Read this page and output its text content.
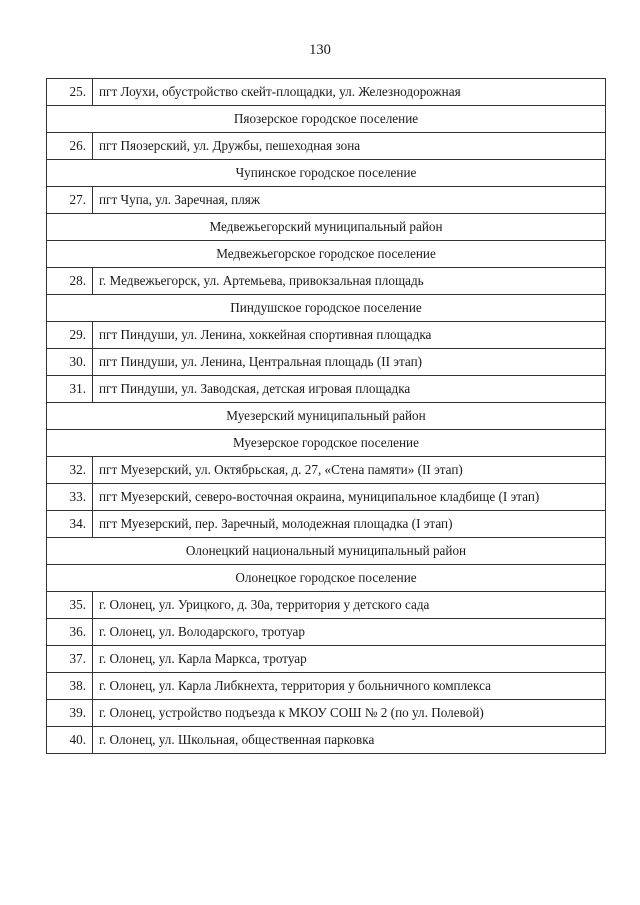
130
25.	пгт Лоухи, обустройство скейт-площадки, ул. Железнодорожная
Пяозерское городское поселение	
26.	пгт Пяозерский, ул. Дружбы, пешеходная зона
Чупинское городское поселение	
27.	пгт Чупа, ул. Заречная, пляж
Медвежьегорский муниципальный район	
Медвежьегорское городское поселение	
28.	г. Медвежьегорск, ул. Артемьева, привокзальная площадь
Пиндушское городское поселение	
29.	пгт Пиндуши, ул. Ленина, хоккейная спортивная площадка
30.	пгт Пиндуши, ул. Ленина, Центральная площадь (II этап)
31.	пгт Пиндуши, ул. Заводская, детская игровая площадка
Муезерский муниципальный район	
Муезерское городское поселение	
32.	пгт Муезерский, ул. Октябрьская, д. 27, «Стена памяти» (II этап)
33.	пгт Муезерский, северо-восточная окраина, муниципальное кладбище (I этап)
34.	пгт Муезерский, пер. Заречный, молодежная площадка (I этап)
Олонецкий национальный муниципальный район	
Олонецкое городское поселение	
35.	г. Олонец, ул. Урицкого, д. 30а, территория у детского сада
36.	г. Олонец, ул. Володарского, тротуар
37.	г. Олонец, ул. Карла Маркса, тротуар
38.	г. Олонец, ул. Карла Либкнехта, территория у больничного комплекса
39.	г. Олонец, устройство подъезда к МКОУ СОШ № 2 (по ул. Полевой)
40.	г. Олонец, ул. Школьная, общественная парковка
